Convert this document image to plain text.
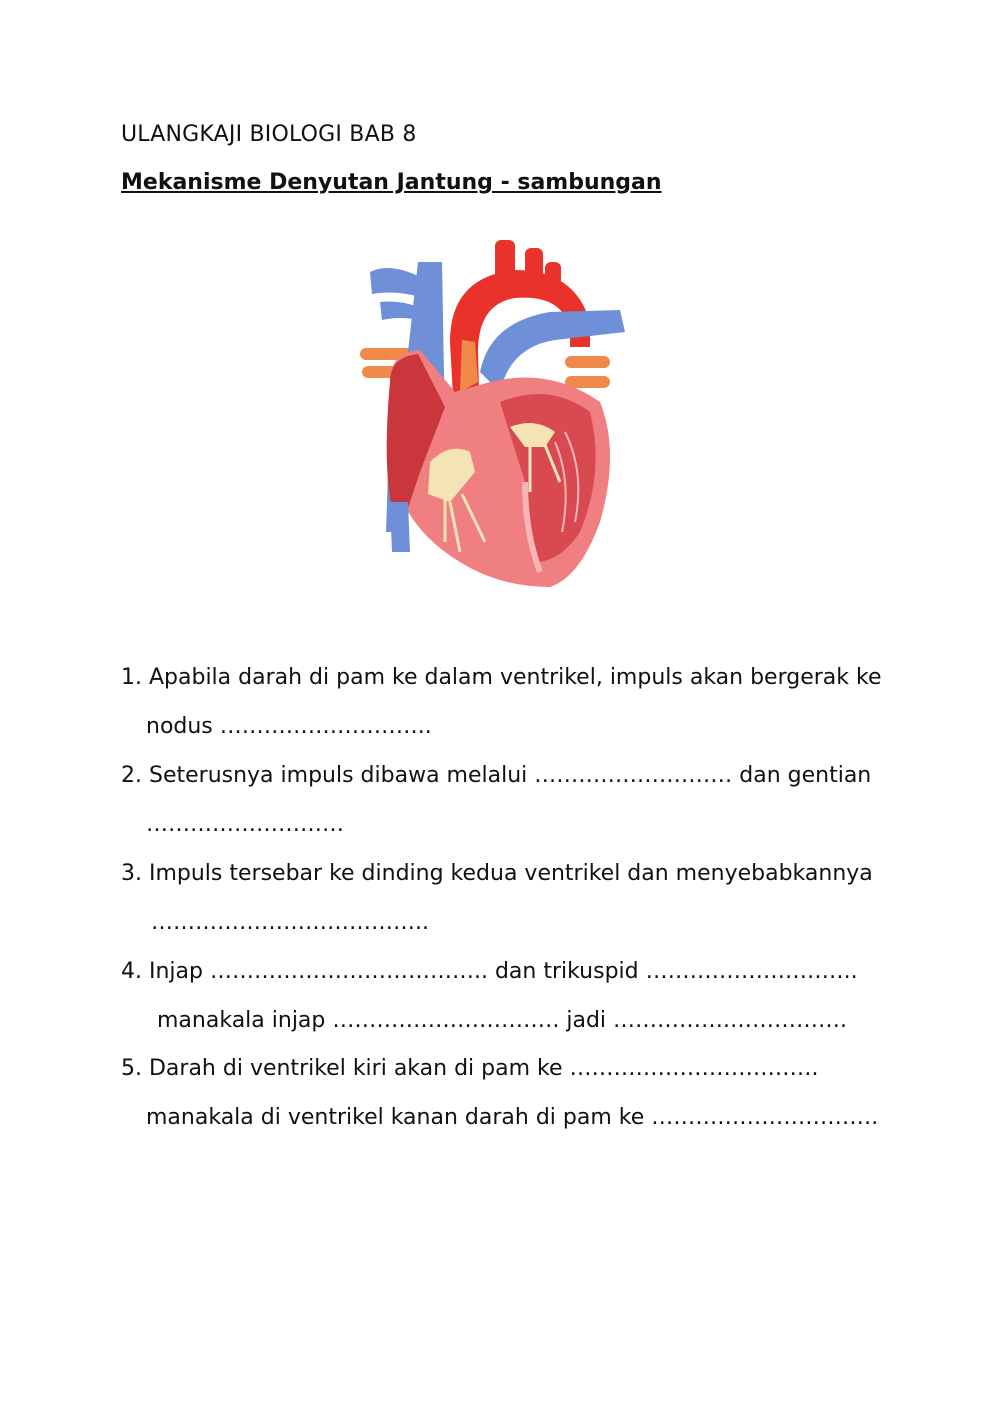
ULANGKAJI BIOLOGI BAB 8
Mekanisme Denyutan Jantung - sambungan
1. Apabila darah di pam ke dalam ventrikel, impuls akan bergerak ke
nodus ………………………..
2. Seterusnya impuls dibawa melalui ……………………… dan gentian
………………………
3. Impuls tersebar ke dinding kedua ventrikel dan menyebabkannya
………………………………..
4. Injap ……………………………….. dan trikuspid ………………………..
manakala injap …………………………. jadi …………….…………….
5. Darah di ventrikel kiri akan di pam ke …………………………….
manakala di ventrikel kanan darah di pam ke ………………………….
